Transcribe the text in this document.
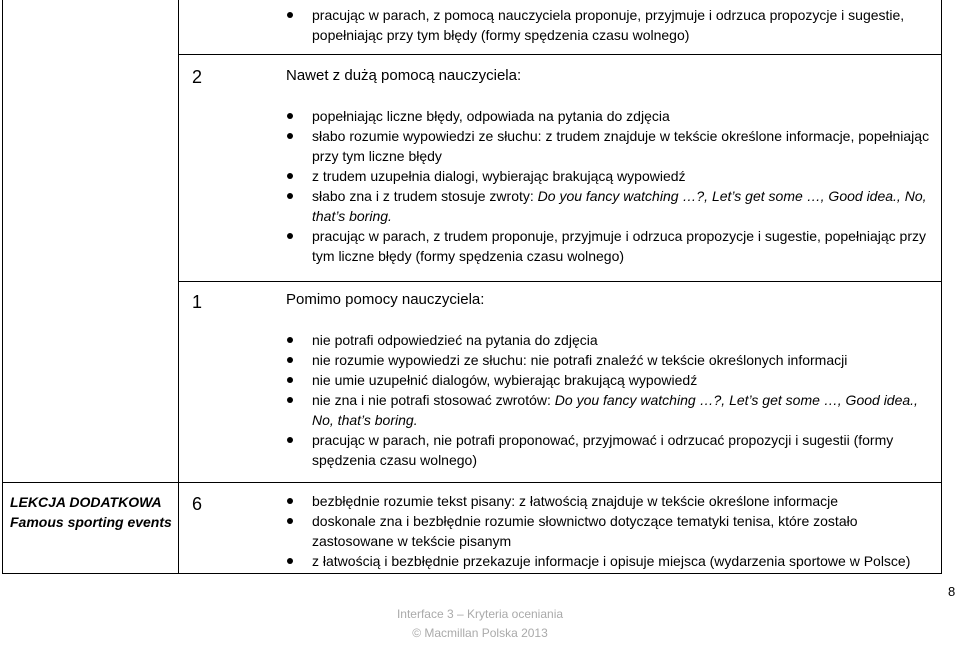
pracując w parach, z pomocą nauczyciela proponuje, przyjmuje i odrzuca propozycje i sugestie, popełniając przy tym błędy (formy spędzenia czasu wolnego)
2	Nawet z dużą pomocą nauczyciela:
popełniając liczne błędy, odpowiada na pytania do zdjęcia
słabo rozumie wypowiedzi ze słuchu: z trudem znajduje w tekście określone informacje, popełniając przy tym liczne błędy
z trudem uzupełnia dialogi, wybierając brakującą wypowiedź
słabo zna i z trudem stosuje zwroty: Do you fancy watching …?, Let’s get some …, Good idea., No, that’s boring.
pracując w parach, z trudem proponuje, przyjmuje i odrzuca propozycje i sugestie, popełniając przy tym liczne błędy (formy spędzenia czasu wolnego)
1	Pomimo pomocy nauczyciela:
nie potrafi odpowiedzieć na pytania do zdjęcia
nie rozumie wypowiedzi ze słuchu: nie potrafi znaleźć w tekście określonych informacji
nie umie uzupełnić dialogów, wybierając brakującą wypowiedź
nie zna i nie potrafi stosować zwrotów: Do you fancy watching …?, Let’s get some …, Good idea., No, that’s boring.
pracując w parach, nie potrafi proponować, przyjmować i odrzucać propozycji i sugestii (formy spędzenia czasu wolnego)
LEKCJA DODATKOWA
Famous sporting events
6	bezbłędnie rozumie tekst pisany: z łatwością znajduje w tekście określone informacje
doskonale zna i bezbłędnie rozumie słownictwo dotyczące tematyki tenisa, które zostało zastosowane w tekście pisanym
z łatwością i bezbłędnie przekazuje informacje i opisuje miejsca (wydarzenia sportowe w Polsce)
8
Interface 3 – Kryteria oceniania
© Macmillan Polska 2013
